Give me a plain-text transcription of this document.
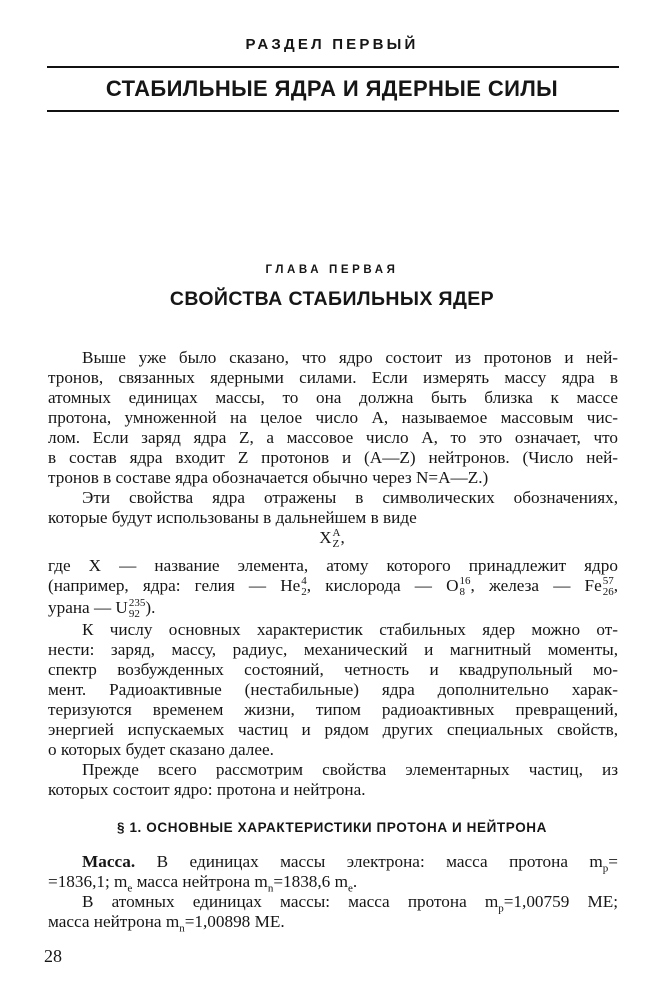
РАЗДЕЛ ПЕРВЫЙ
СТАБИЛЬНЫЕ ЯДРА И ЯДЕРНЫЕ СИЛЫ
ГЛАВА ПЕРВАЯ
СВОЙСТВА СТАБИЛЬНЫХ ЯДЕР
Выше уже было сказано, что ядро состоит из протонов и ней-
тронов, связанных ядерными силами. Если измерять массу ядра в
атомных единицах массы, то она должна быть близка к массе
протона, умноженной на целое число A, называемое массовым чис-
лом. Если заряд ядра Z, а массовое число A, то это означает, что
в состав ядра входит Z протонов и (A—Z) нейтронов. (Число ней-
тронов в составе ядра обозначается обычно через N=A—Z.)
Эти свойства ядра отражены в символических обозначениях,
которые будут использованы в дальнейшем в виде
X A
Z ,
где X — название элемента, атому которого принадлежит ядро
(например, ядра: гелия — He 4
2 , кислорода — O 16
8 , железа — Fe 57
26 ,
урана — U 235
92 ).
К числу основных характеристик стабильных ядер можно от-
нести: заряд, массу, радиус, механический и магнитный моменты,
спектр возбужденных состояний, четность и квадрупольный мо-
мент. Радиоактивные (нестабильные) ядра дополнительно харак-
теризуются временем жизни, типом радиоактивных превращений,
энергией испускаемых частиц и рядом других специальных свойств,
о которых будет сказано далее.
Прежде всего рассмотрим свойства элементарных частиц, из
которых состоит ядро: протона и нейтрона.
§ 1. ОСНОВНЫЕ ХАРАКТЕРИСТИКИ ПРОТОНА И НЕЙТРОНА
Масса. В единицах массы электрона: масса протона $m_p=$
=1836,1; $m_e$ масса нейтрона $m_n=1838,6$ $m_e$.
В атомных единицах массы: масса протона $m_p=1,00759$ ME;
масса нейтрона $m_n=1,00898$ ME.
28
